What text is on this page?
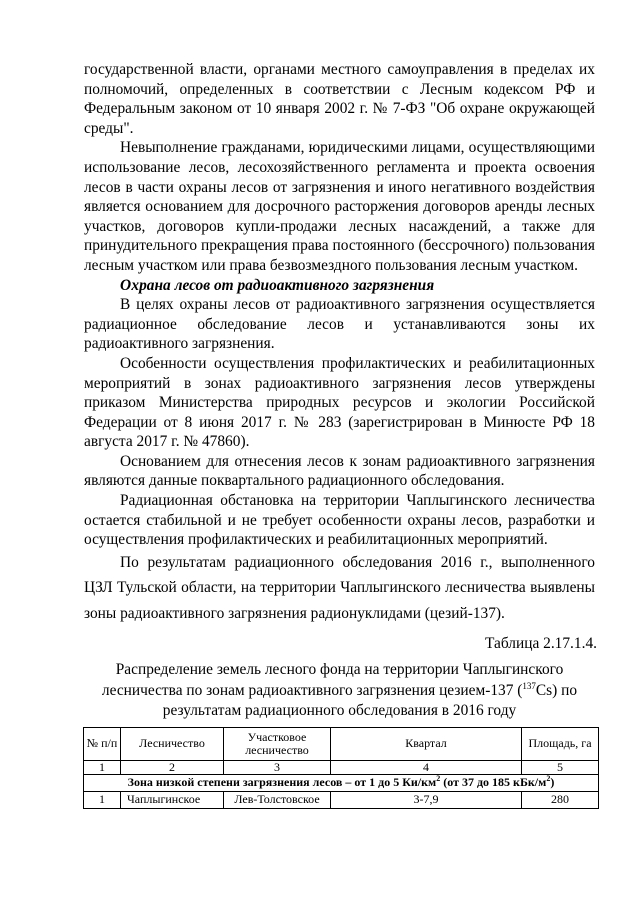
государственной власти, органами местного самоуправления в пределах их полномочий, определенных в соответствии с Лесным кодексом РФ и Федеральным законом от 10 января 2002 г. № 7-ФЗ "Об охране окружающей среды".

Невыполнение гражданами, юридическими лицами, осуществляющими использование лесов, лесохозяйственного регламента и проекта освоения лесов в части охраны лесов от загрязнения и иного негативного воздействия является основанием для досрочного расторжения договоров аренды лесных участков, договоров купли-продажи лесных насаждений, а также для принудительного прекращения права постоянного (бессрочного) пользования лесным участком или права безвозмездного пользования лесным участком.

Охрана лесов от радиоактивного загрязнения

В целях охраны лесов от радиоактивного загрязнения осуществляется радиационное обследование лесов и устанавливаются зоны их радиоактивного загрязнения.

Особенности осуществления профилактических и реабилитационных мероприятий в зонах радиоактивного загрязнения лесов утверждены приказом Министерства природных ресурсов и экологии Российской Федерации от 8 июня 2017 г. № 283 (зарегистрирован в Минюсте РФ 18 августа 2017 г. № 47860).

Основанием для отнесения лесов к зонам радиоактивного загрязнения являются данные поквартального радиационного обследования.

Радиационная обстановка на территории Чаплыгинского лесничества остается стабильной и не требует особенности охраны лесов, разработки и осуществления профилактических и реабилитационных мероприятий.

По результатам радиационного обследования 2016 г., выполненного ЦЗЛ Тульской области, на территории Чаплыгинского лесничества выявлены зоны радиоактивного загрязнения радионуклидами (цезий-137).

Таблица 2.17.1.4.
Распределение земель лесного фонда на территории Чаплыгинского лесничества по зонам радиоактивного загрязнения цезием-137 ($^{137}$Cs) по результатам радиационного обследования в 2016 году
№ п/п	Лесничество	Участковое лесничество	Квартал	Площадь, га
1	2	3	4	5
Зона низкой степени загрязнения лесов – от 1 до 5 $Ки/км^2$ (от 37 до 185 кБк/$м^2$)				
1	Чаплыгинское	Лев-Толстовское	3-7,9	280
